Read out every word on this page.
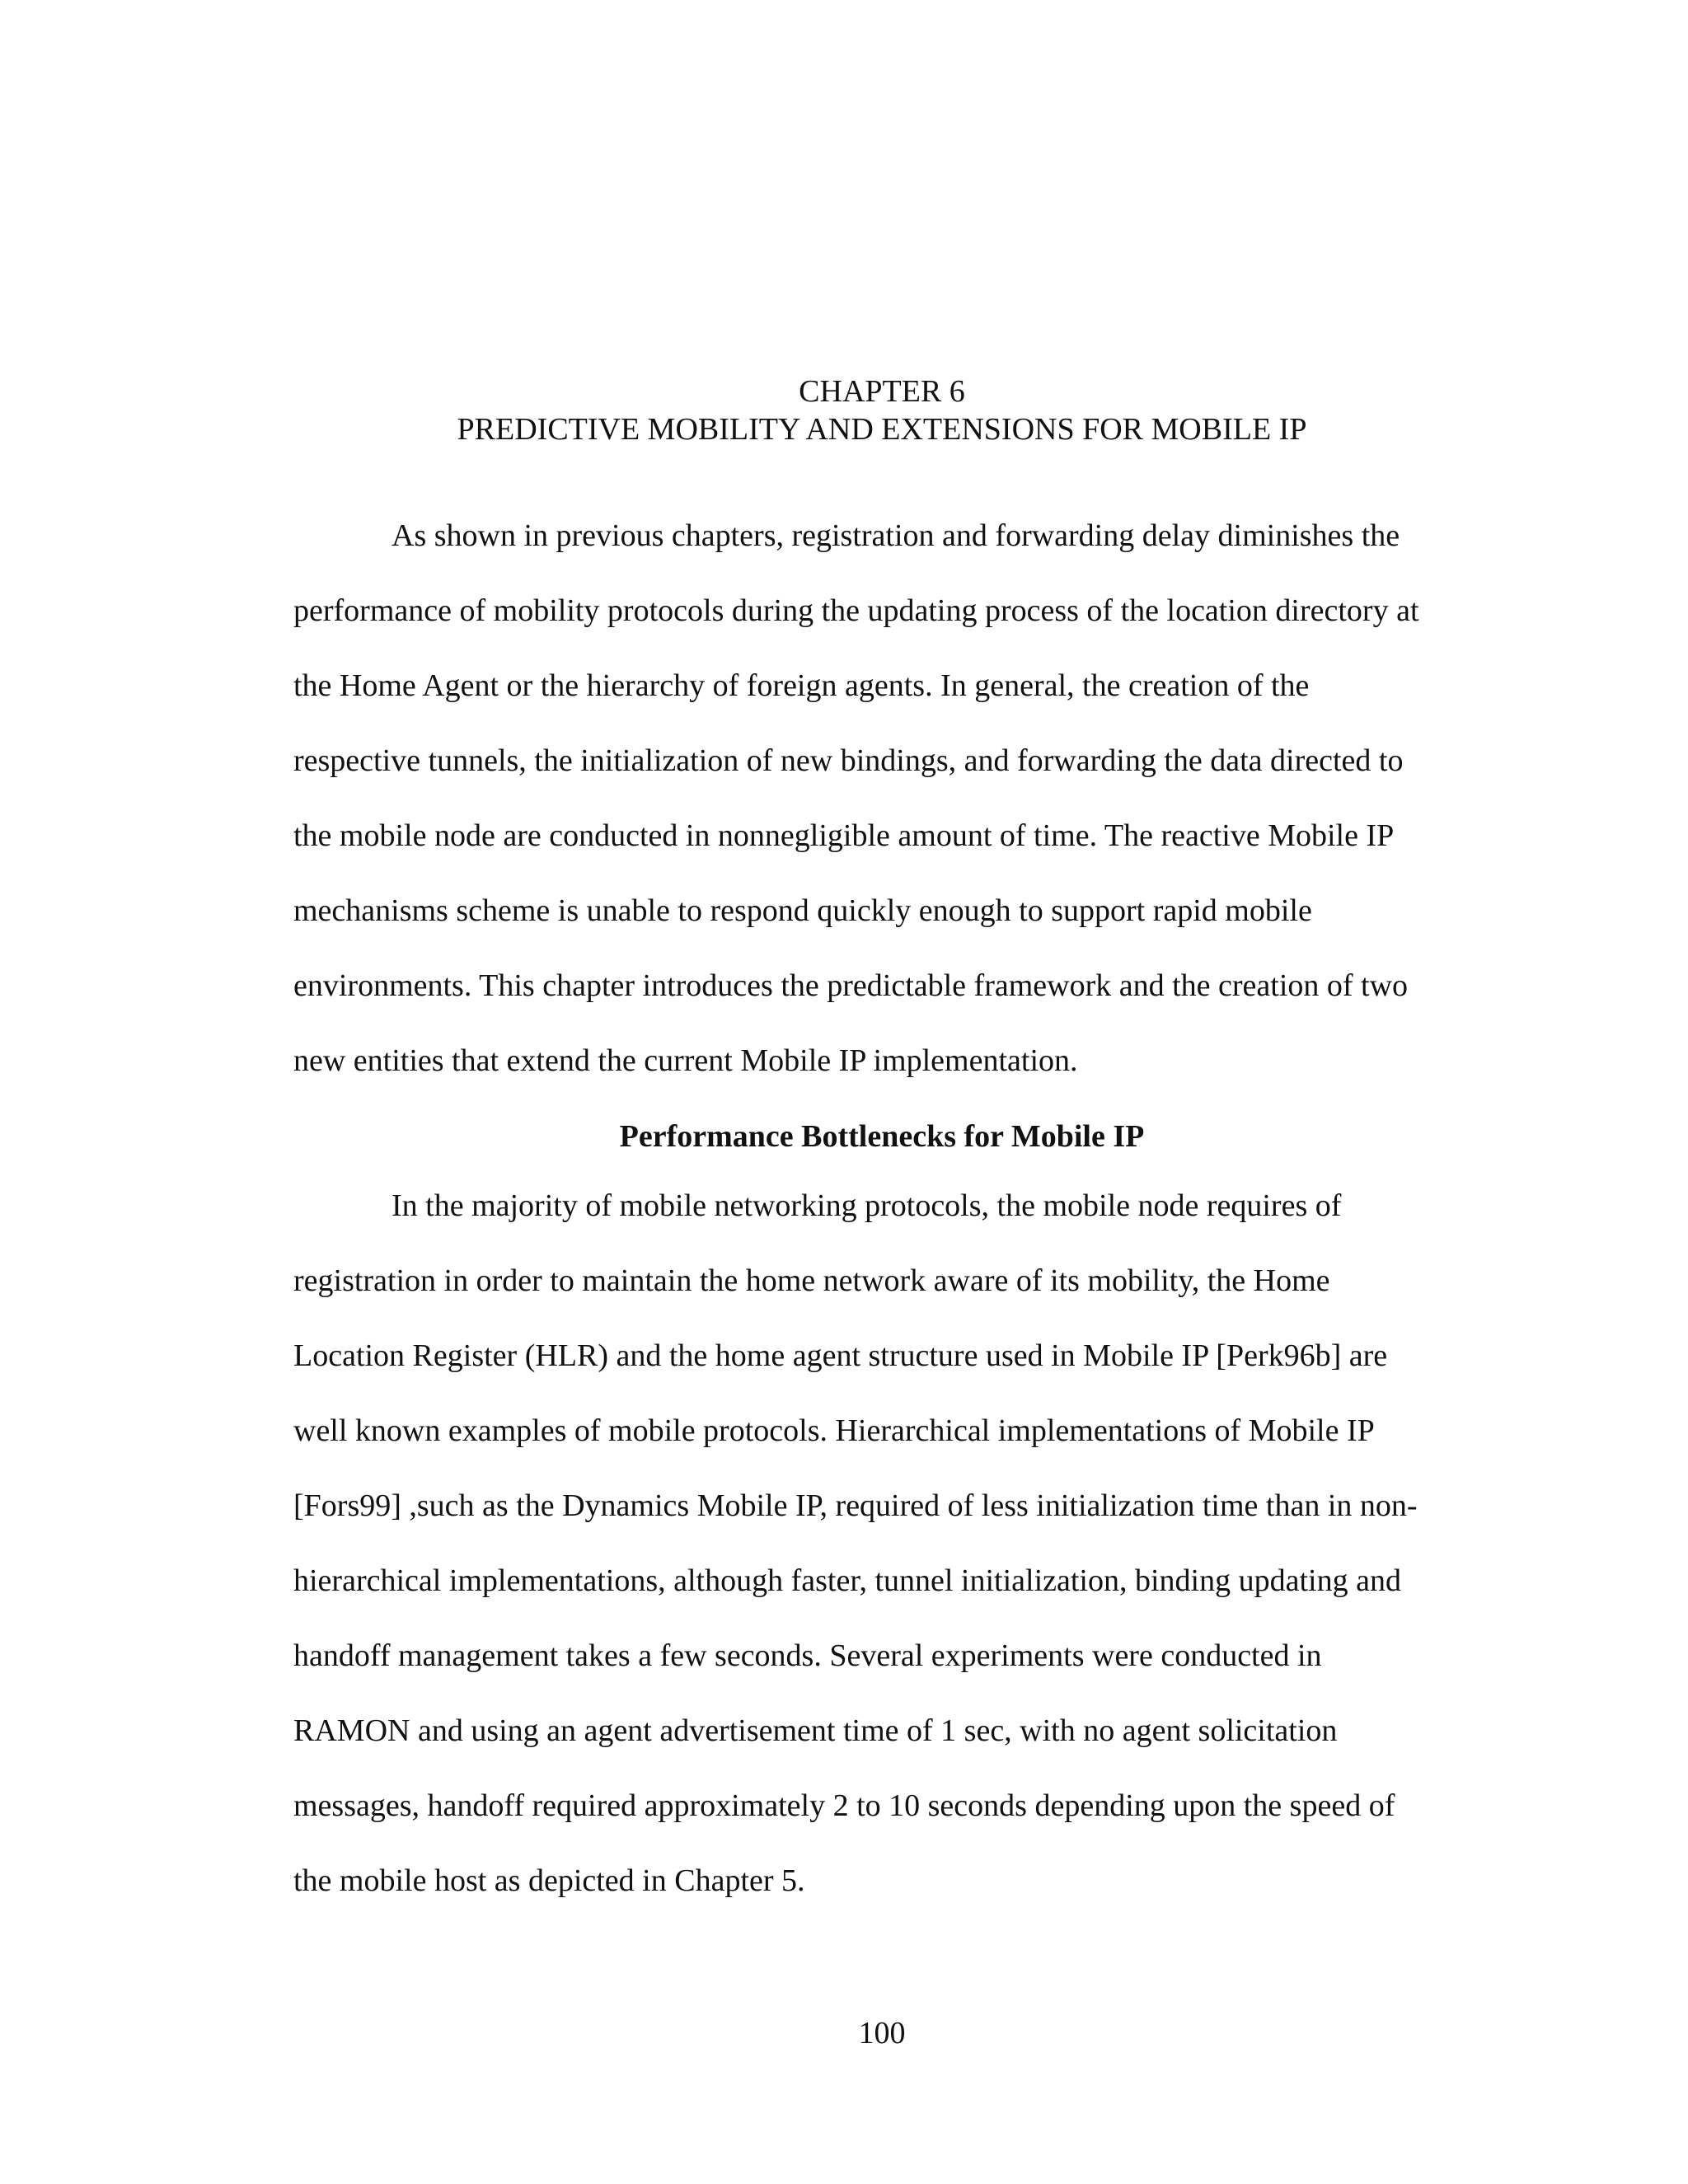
CHAPTER 6
PREDICTIVE MOBILITY AND EXTENSIONS FOR MOBILE IP
As shown in previous chapters, registration and forwarding delay diminishes the
performance of mobility protocols during the updating process of the location directory at
the Home Agent or the hierarchy of foreign agents. In general, the creation of the
respective tunnels, the initialization of new bindings, and forwarding the data directed to
the mobile node are conducted in nonnegligible amount of time. The reactive Mobile IP
mechanisms scheme is unable to respond quickly enough to support rapid mobile
environments. This chapter introduces the predictable framework and the creation of two
new entities that extend the current Mobile IP implementation.
Performance Bottlenecks for Mobile IP
In the majority of mobile networking protocols, the mobile node requires of
registration in order to maintain the home network aware of its mobility, the Home
Location Register (HLR) and the home agent structure used in Mobile IP [Perk96b] are
well known examples of mobile protocols. Hierarchical implementations of Mobile IP
[Fors99] ,such as the Dynamics Mobile IP, required of less initialization time than in non-
hierarchical implementations, although faster, tunnel initialization, binding updating and
handoff management takes a few seconds. Several experiments were conducted in
RAMON and using an agent advertisement time of 1 sec, with no agent solicitation
messages, handoff required approximately 2 to 10 seconds depending upon the speed of
the mobile host as depicted in Chapter 5.
100
